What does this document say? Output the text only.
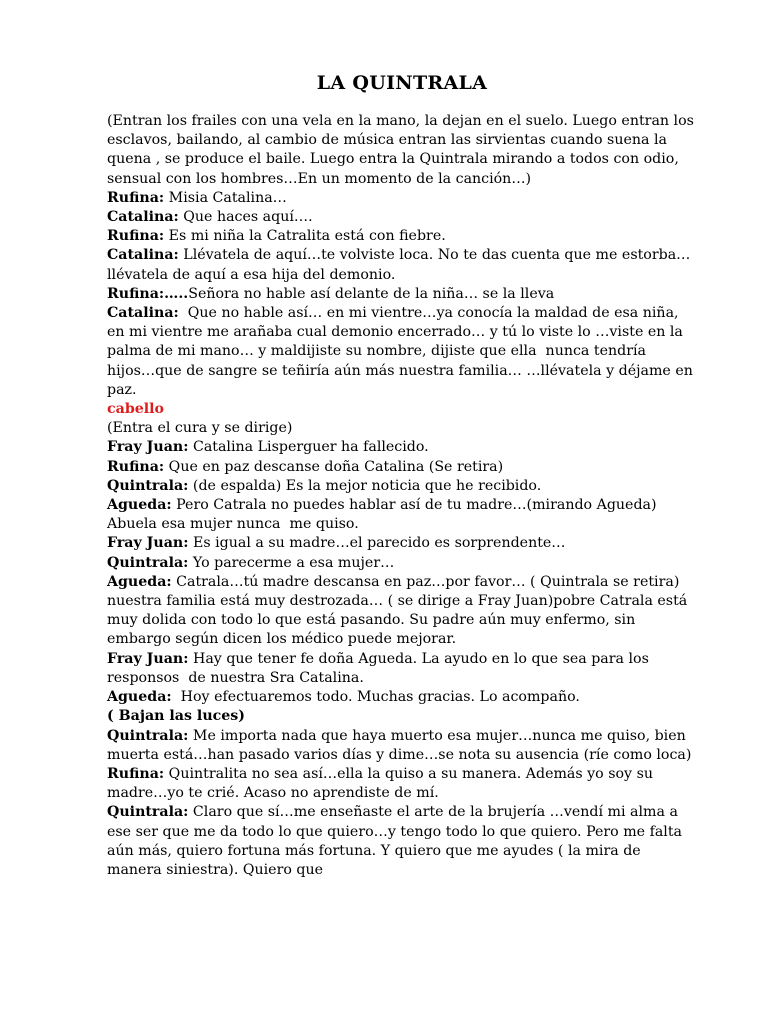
LA QUINTRALA
(Entran los frailes con una vela en la mano, la dejan en el suelo. Luego entran los esclavos, bailando, al cambio de música entran las sirvientas cuando suena la quena , se produce el baile. Luego entra la Quintrala mirando a todos con odio, sensual con los hombres…En un momento de la canción…)
Rufina: Misia Catalina…
Catalina: Que haces aquí….
Rufina: Es mi niña la Catralita está con fiebre.
Catalina: Llévatela de aquí…te volviste loca. No te das cuenta que me estorba…llévatela de aquí a esa hija del demonio.
Rufina:…..Señora no hable así delante de la niña… se la lleva
Catalina:  Que no hable así… en mi vientre…ya conocía la maldad de esa niña, en mi vientre me arañaba cual demonio encerrado… y tú lo viste lo …viste en la palma de mi mano… y maldijiste su nombre, dijiste que ella  nunca tendría hijos…que de sangre se teñiría aún más nuestra familia… …llévatela y déjame en paz.
cabello
(Entra el cura y se dirige)
Fray Juan: Catalina Lisperguer ha fallecido.
Rufina: Que en paz descanse doña Catalina (Se retira)
Quintrala: (de espalda) Es la mejor noticia que he recibido.
Agueda: Pero Catrala no puedes hablar así de tu madre…(mirando Agueda) Abuela esa mujer nunca  me quiso.
Fray Juan: Es igual a su madre…el parecido es sorprendente…
Quintrala: Yo parecerme a esa mujer…
Agueda: Catrala…tú madre descansa en paz…por favor… ( Quintrala se retira) nuestra familia está muy destrozada… ( se dirige a Fray Juan)pobre Catrala está muy dolida con todo lo que está pasando. Su padre aún muy enfermo, sin embargo según dicen los médico puede mejorar.
Fray Juan: Hay que tener fe doña Agueda. La ayudo en lo que sea para los responsos  de nuestra Sra Catalina.
Agueda:  Hoy efectuaremos todo. Muchas gracias. Lo acompaño.
( Bajan las luces)
Quintrala: Me importa nada que haya muerto esa mujer…nunca me quiso, bien muerta está…han pasado varios días y dime…se nota su ausencia (ríe como loca)
Rufina: Quintralita no sea así…ella la quiso a su manera. Además yo soy su madre…yo te crié. Acaso no aprendiste de mí.
Quintrala: Claro que sí…me enseñaste el arte de la brujería …vendí mi alma a ese ser que me da todo lo que quiero…y tengo todo lo que quiero. Pero me falta aún más, quiero fortuna más fortuna. Y quiero que me ayudes ( la mira de manera siniestra). Quiero que
